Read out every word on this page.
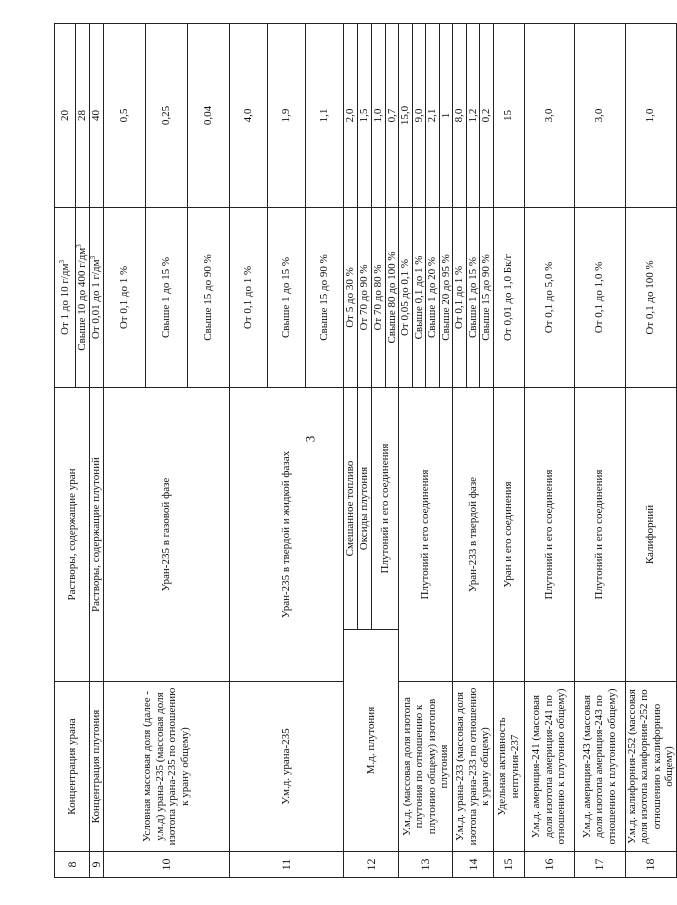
3
8	Концентрация урана	Растворы, содержащие уран		От 1 до 10 $г/дм^3$	20
				Свыше 10 до 400 $г/дм^3$	28
9	Концентрация плутония	Растворы, содержащие плутоний		От 0,01 до 1 $г/дм^3$	40
10	Условная массовая доля (далее - у.м.д) урана-235 (массовая доля изотопа урана-235 по отношению к урану общему)	Уран-235 в газовой фазе		От 0,1 до 1 %	0,5
				Свыше 1 до 15 %	0,25
				Свыше 15 до 90 %	0,04
11	У.м.д. урана-235	Уран-235 в твердой и жидкой фазах		От 0,1 до 1 %	4,0
				Свыше 1 до 15 %	1,9
				Свыше 15 до 90 %	1,1
12	М.д. плутония		Смешанное топливо	От 5 до 30 %	2,0
			Оксиды плутония	От 70 до 90 %	1,5
			Плутоний и его соединения	От 70 до 80 %	1,0
				Свыше 80 до 100 %	0,7
13	У.м.д. (массовая доля изотопа плутония по отношению к плутонию общему) изотопов плутония	Плутоний и его соединения		От 0,05 до 0,1 %	15,0
				Свыше 0,1 до 1 %	9,0
				Свыше 1 до 20 %	2,1
				Свыше 20 до 95 %	1
14	У.м.д. урана-233 (массовая доля изотопа урана-233 по отношению к урану общему)	Уран-233 в твердой фазе		От 0,1 до 1 %	8,0
				Свыше 1 до 15 %	1,2
				Свыше 15 до 90 %	0,2
15	Удельная активность нептуния-237	Уран и его соединения		От 0,01 до 1,0 Бк/г	15
16	У.м.д. америция-241 (массовая доля изотопа америция-241 по отношению к плутонию общему)	Плутоний и его соединения		От 0,1 до 5,0 %	3,0
17	У.м.д. америция-243 (массовая доля изотопа америция-243 по отношению к плутонию общему)	Плутоний и его соединения		От 0,1 до 1,0 %	3,0
18	У.м.д. калифорния-252 (массовая доля изотопа калифорния-252 по отношению к калифорнию общему)	Калифорний		От 0,1 до 100 %	1,0
